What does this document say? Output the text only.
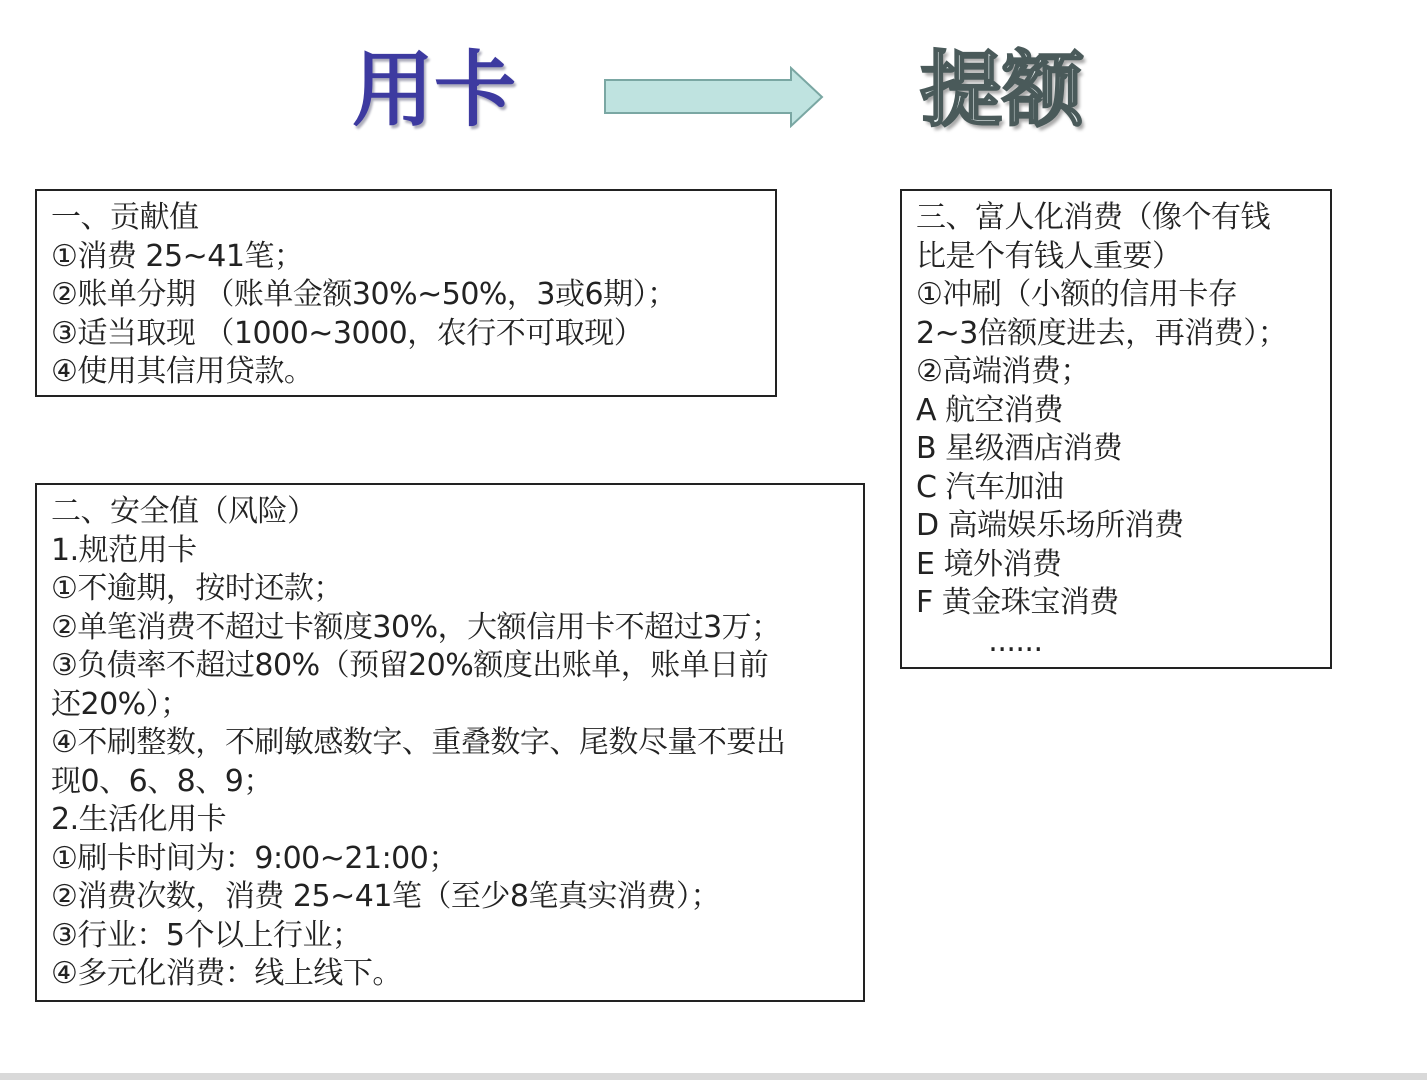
用卡	提额
一、贡献值
①消费 25~41笔；
②账单分期 （账单金额30%~50%，3或6期）；
③适当取现 （1000~3000，农行不可取现）
④使用其信用贷款。
二、安全值（风险）
1.规范用卡
①不逾期，按时还款；
②单笔消费不超过卡额度30%，大额信用卡不超过3万；
③负债率不超过80%（预留20%额度出账单，账单日前
还20%）；
④不刷整数，不刷敏感数字、重叠数字、尾数尽量不要出
现0、6、8、9；
2.生活化用卡
①刷卡时间为：9:00~21:00；
②消费次数，消费 25~41笔（至少8笔真实消费）；
③行业：5个以上行业；
④多元化消费：线上线下。
三、富人化消费（像个有钱
比是个有钱人重要）
①冲刷（小额的信用卡存
2~3倍额度进去，再消费）；
②高端消费；
A 航空消费
B 星级酒店消费
C 汽车加油
D 高端娱乐场所消费
E 境外消费
F 黄金珠宝消费
......
